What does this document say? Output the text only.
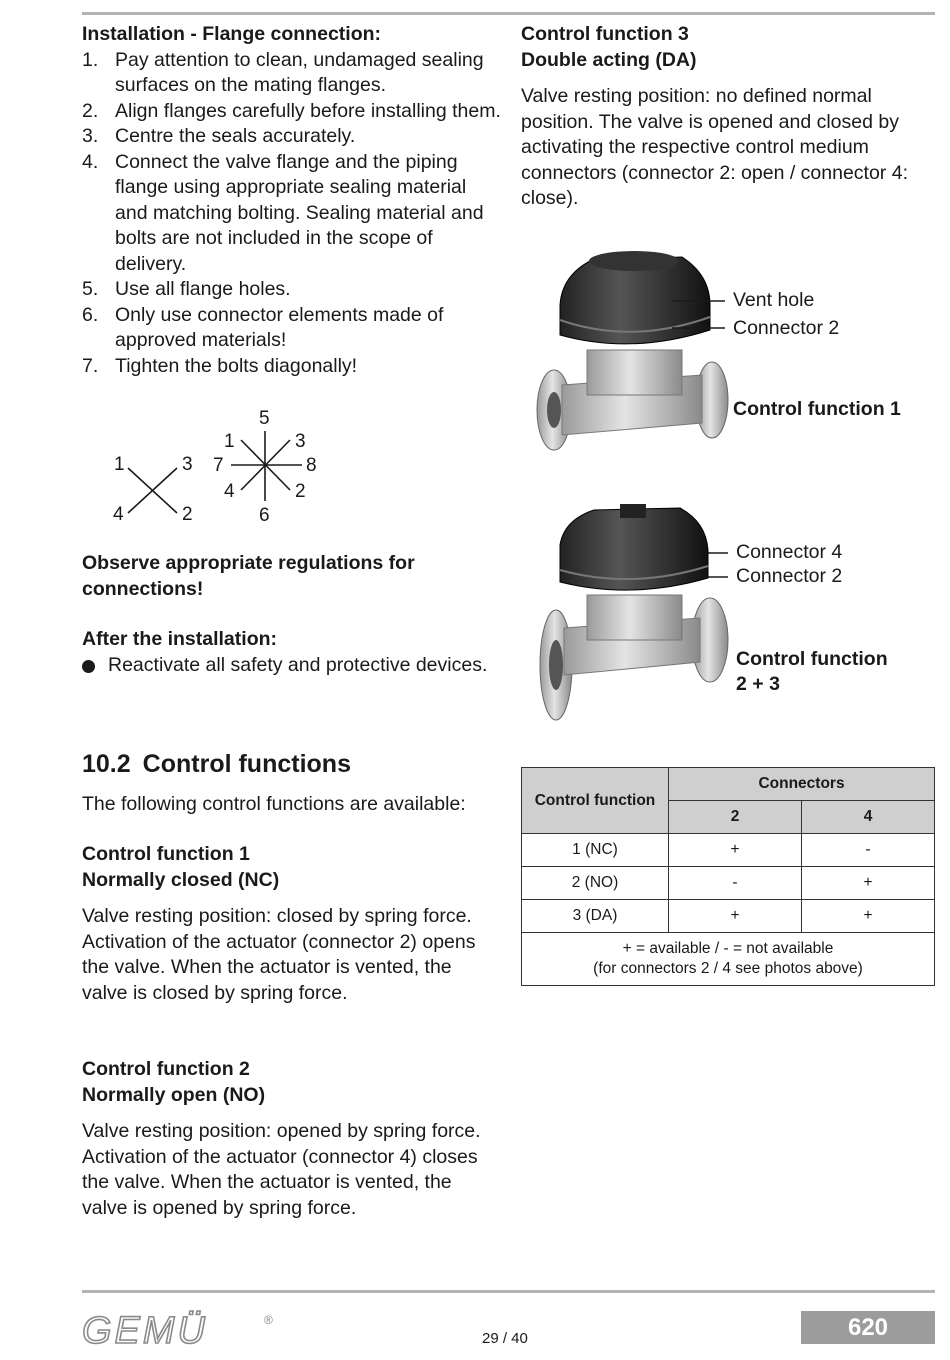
Installation - Flange connection:
1. Pay attention to clean, undamaged sealing surfaces on the mating flanges.
2. Align flanges carefully before installing them.
3. Centre the seals accurately.
4. Connect the valve flange and the piping flange using appropriate sealing material and matching bolting. Sealing material and bolts are not included in the scope of delivery.
5. Use all flange holes.
6. Only use connector elements made of approved materials!
7. Tighten the bolts diagonally!
1	3
4	2
5
1	3
7	8
4	2
6
Observe appropriate regulations for connections!
After the installation:
Reactivate all safety and protective devices.
10.2 Control functions
The following control functions are available:
Control function 1
Normally closed (NC)

Valve resting position: closed by spring force. Activation of the actuator (connector 2) opens the valve. When the actuator is vented, the valve is closed by spring force.

Control function 2
Normally open (NO)

Valve resting position: opened by spring force. Activation of the actuator (connector 4) closes the valve. When the actuator is vented, the valve is opened by spring force.

Control function 3
Double acting (DA)

Valve resting position: no defined normal position. The valve is opened and closed by activating the respective control medium connectors (connector 2: open / connector 4: close).

Vent hole
Connector 2
Control function 1
Connector 4
Connector 2
Control function
2 + 3
Control function	Connectors	
	2	4
1 (NC)	+	-
2 (NO)	-	+
3 (DA)	+	+

+ = available / - = not available
(for connectors 2 / 4 see photos above)		
GEMÜ	®
29 / 40	620
